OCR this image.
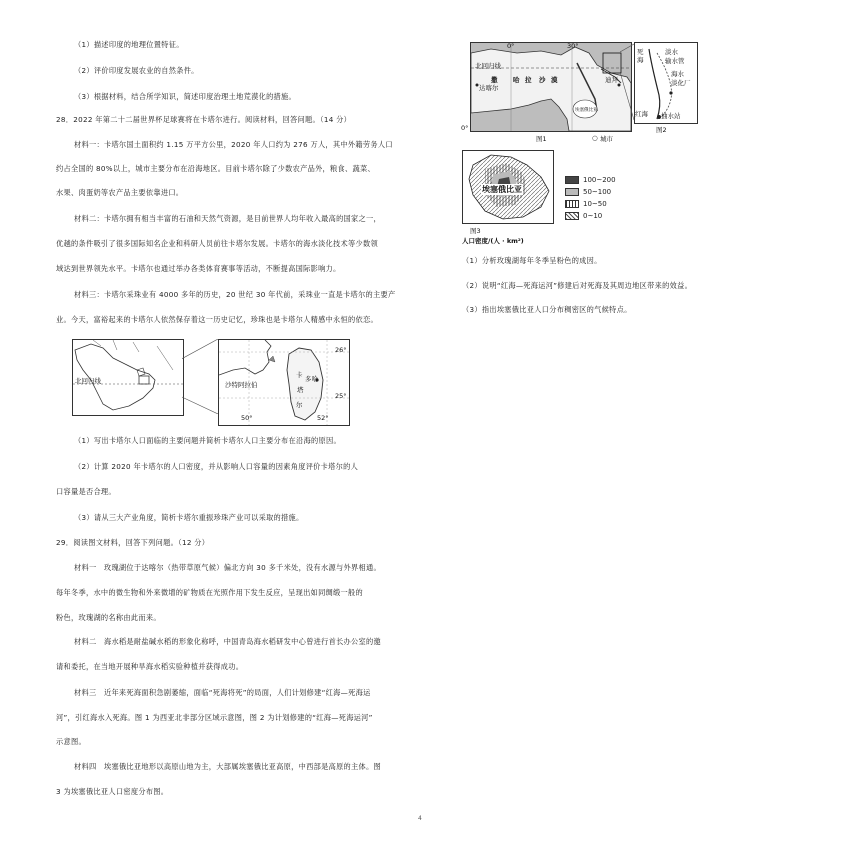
（1）描述印度的地理位置特征。
（2）评价印度发展农业的自然条件。
（3）根据材料，结合所学知识，简述印度治理土地荒漠化的措施。
28．2022 年第二十二届世界杯足球赛将在卡塔尔进行。阅读材料，回答问题。（14 分）
材料一：卡塔尔国土面积约 1.15 万平方公里，2020 年人口约为 276 万人，其中外籍劳务人口
约占全国的 80%以上，城市主要分布在沿海地区。目前卡塔尔除了少数农产品外，粮食、蔬菜、
水果、肉蛋奶等农产品主要依靠进口。
材料二：卡塔尔拥有相当丰富的石油和天然气资源，是目前世界人均年收入最高的国家之一，
优越的条件吸引了很多国际知名企业和科研人员前往卡塔尔发展。卡塔尔的海水淡化技术等少数领
域达到世界领先水平。卡塔尔也通过举办各类体育赛事等活动，不断提高国际影响力。
材料三：卡塔尔采珠业有 4000 多年的历史，20 世纪 30 年代前，采珠业一直是卡塔尔的主要产
业。今天，富裕起来的卡塔尔人依然保存着这一历史记忆，珍珠也是卡塔尔人精感中永恒的依恋。
北回归线
26°
沙特阿拉伯
卡
塔
尔
多哈
25°
50°	52°
（1）写出卡塔尔人口面临的主要问题并简析卡塔尔人口主要分布在沿海的原因。
（2）计算 2020 年卡塔尔的人口密度，并从影响人口容量的因素角度评价卡塔尔的人
口容量是否合理。
（3）请从三大产业角度，简析卡塔尔重振珍珠产业可以采取的措施。
29．阅读图文材料，回答下列问题。（12 分）
材料一　玫瑰湖位于达喀尔（热带草原气候）偏北方向 30 多千米处，没有水源与外界相通。
每年冬季，水中的微生物和外来微增的矿物质在光照作用下发生反应，呈现出如同绸缎一般的
粉色，玫瑰湖的名称由此而来。
材料二　海水稻是耐盐碱水稻的形象化称呼，中国青岛海水稻研发中心曾进行首长办公室的邀
请和委托，在当地开展种旱海水稻实验种植并获得成功。
材料三　近年来死海面积急剧萎缩，面临“死海将死”的局面，人们计划修建“红海—死海运
河”，引红海水入死海。图 1 为西亚北非部分区域示意图，图 2 为计划修建的“红海—死海运河”
示意图。
材料四　埃塞俄比亚地形以高原山地为主，大部属埃塞俄比亚高原，中西部是高原的主体。图
3 为埃塞俄比亚人口密度分布图。
0°	30°
北回归线
撒 哈 拉 沙 漠
达喀尔
迪拜
埃塞俄比亚
0°
图1	○ 城市
死
海
淡水
输水管
海水
淡化厂
红海 抽水站
图2
埃塞俄比亚
图3
人口密度/(人 · km²)
100~200
50~100
10~50
0~10
（1）分析玫瑰湖每年冬季呈粉色的成因。
（2）说明“红海—死海运河”修建后对死海及其周边地区带来的效益。
（3）指出埃塞俄比亚人口分布稠密区的气候特点。
4
